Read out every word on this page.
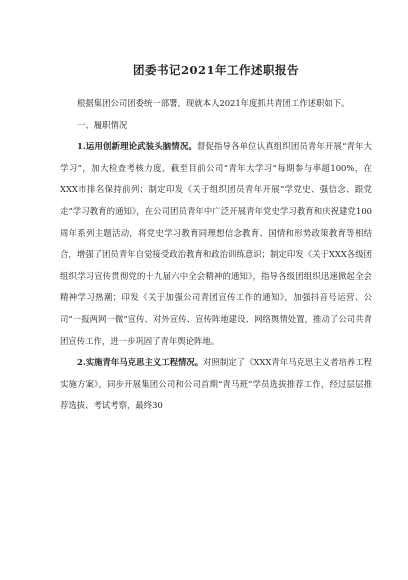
团委书记2021年工作述职报告

根据集团公司团委统一部署，现就本人2021年度抓共青团工作述职如下。

一、履职情况

1.运用创新理论武装头脑情况。督促指导各单位认真组织团员青年开展“青年大学习”，加大检查考核力度，截至目前公司“青年大学习”每期参与率超100%，在XXX市排名保持前列；制定印发《关于组织团员青年开展“学党史、强信念、跟党走”学习教育的通知》，在公司团员青年中广泛开展青年党史学习教育和庆祝建党100周年系列主题活动，将党史学习教育同理想信念教育、国情和形势政策教育等相结合，增强了团员青年自觉接受政治教育和政治训练意识；制定印发《关于XXX各级团组织学习宣传贯彻党的十九届六中全会精神的通知》，指导各级团组织迅速掀起全会精神学习热潮；印发《关于加强公司青团宣传工作的通知》，加强抖音号运营、公司“一报两网一微”宣传、对外宣传、宣传阵地建设、网络舆情处置，推动了公司共青团宣传工作，进一步巩固了青年舆论阵地。

2.实施青年马克思主义工程情况。对照制定了《XXX青年马克思主义者培养工程实施方案》，同步开展集团公司和公司首期“青马班”学员选拔推荐工作，经过层层推荐选拔、考试考察，最终30
